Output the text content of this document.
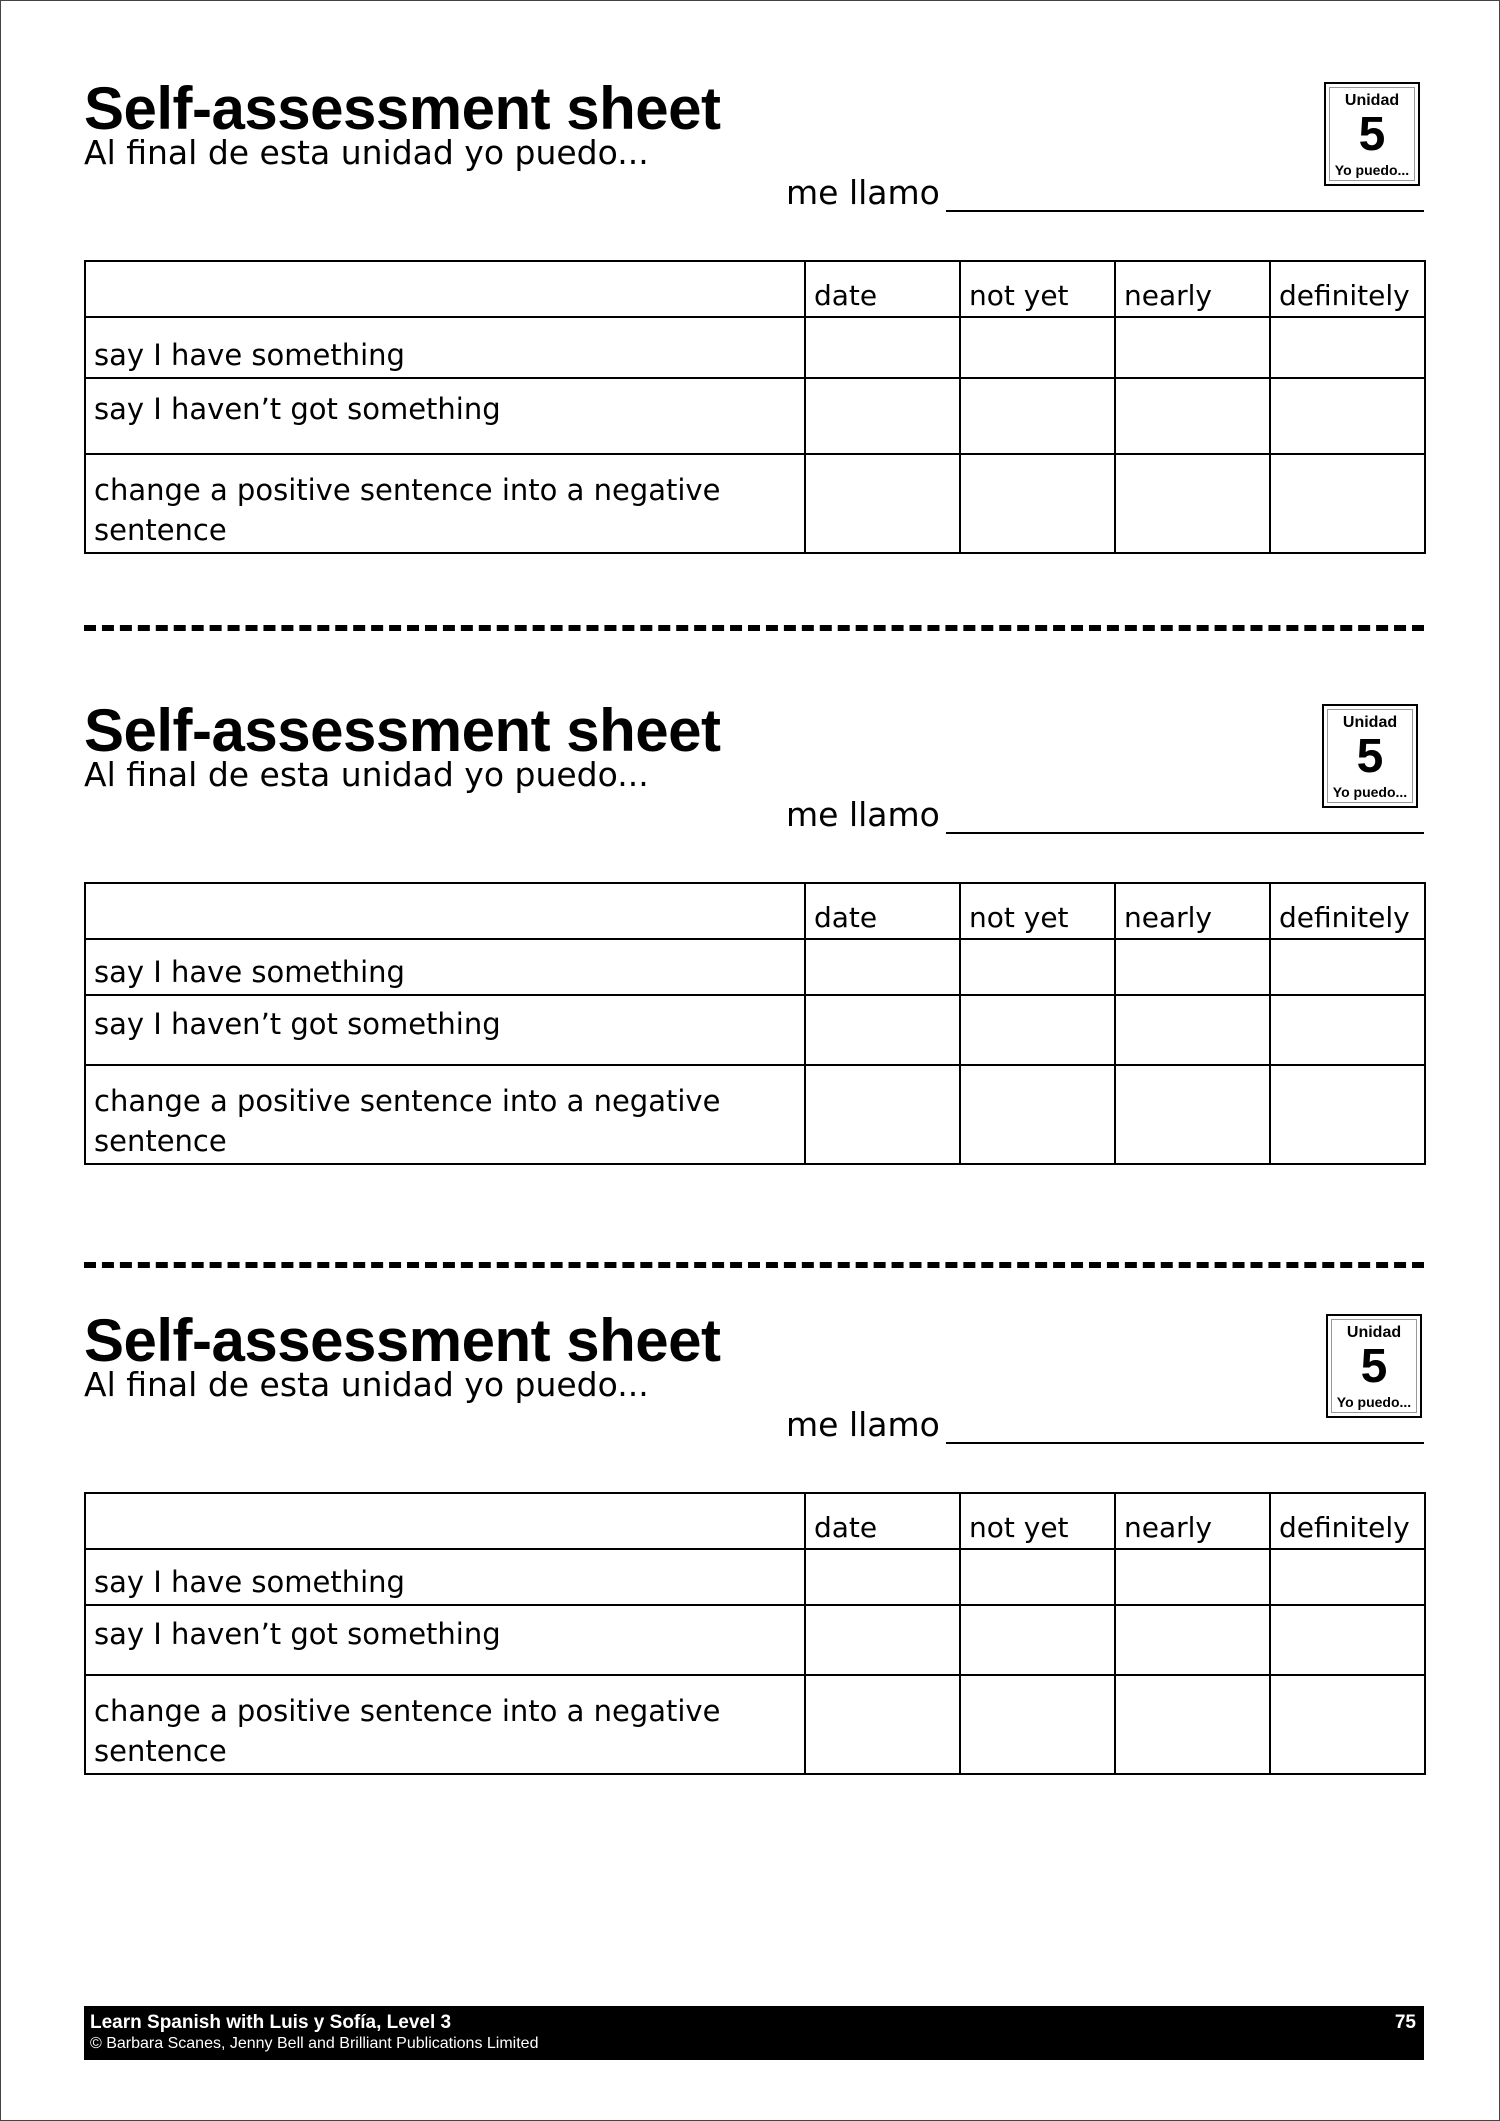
Self-assessment sheet
Al final de esta unidad yo puedo...
Unidad
5
Yo puedo...
me llamo
	date	not yet	nearly	definitely
say I have something				
say I haven’t got something				
change a positive sentence into a negative sentence				
Self-assessment sheet
Al final de esta unidad yo puedo...
Unidad
5
Yo puedo...
me llamo
	date	not yet	nearly	definitely
say I have something				
say I haven’t got something				
change a positive sentence into a negative sentence				
Self-assessment sheet
Al final de esta unidad yo puedo...
Unidad
5
Yo puedo...
me llamo
	date	not yet	nearly	definitely
say I have something				
say I haven’t got something				
change a positive sentence into a negative sentence				
Learn Spanish with Luis y Sofía, Level 3
© Barbara Scanes, Jenny Bell and Brilliant Publications Limited
75
